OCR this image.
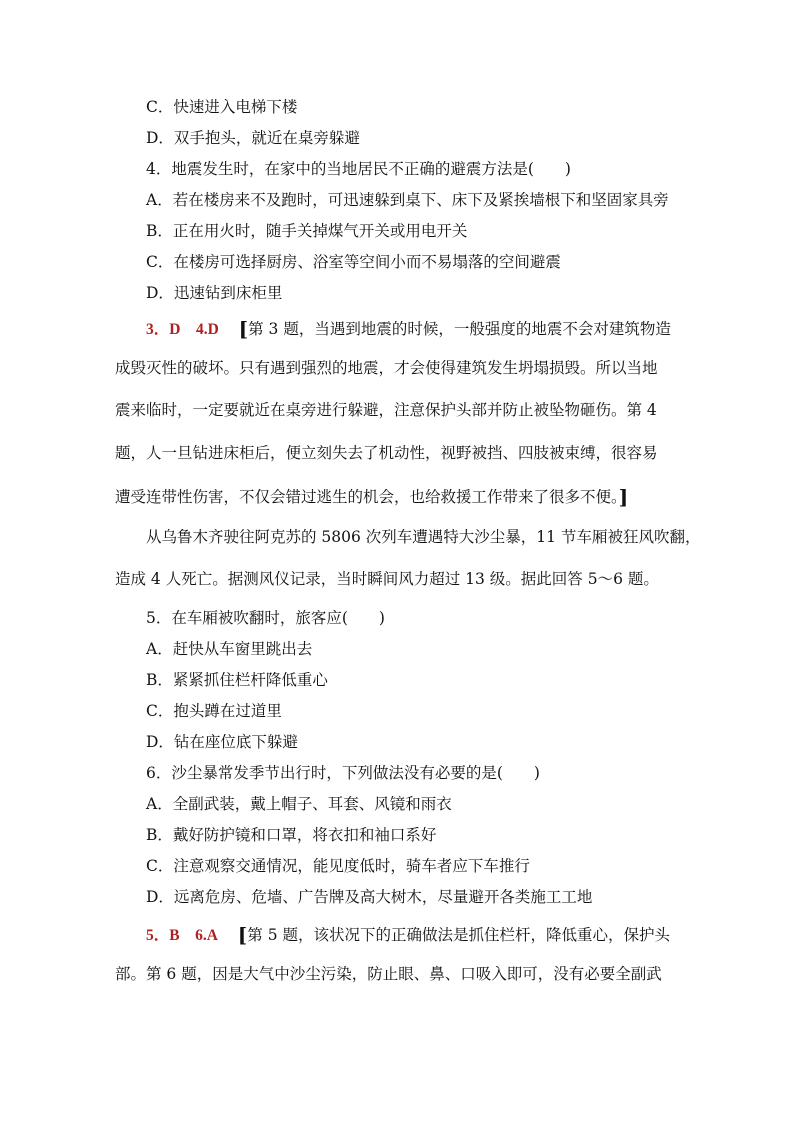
C．快速进入电梯下楼
D．双手抱头，就近在桌旁躲避
4．地震发生时，在家中的当地居民不正确的避震方法是(　　)
A．若在楼房来不及跑时，可迅速躲到桌下、床下及紧挨墙根下和坚固家具旁
B．正在用火时，随手关掉煤气开关或用电开关
C．在楼房可选择厨房、浴室等空间小而不易塌落的空间避震
D．迅速钻到床柜里
3．D　4.D [第 3 题，当遇到地震的时候，一般强度的地震不会对建筑物造
成毁灭性的破坏。只有遇到强烈的地震，才会使得建筑发生坍塌损毁。所以当地
震来临时，一定要就近在桌旁进行躲避，注意保护头部并防止被坠物砸伤。第 4
题，人一旦钻进床柜后，便立刻失去了机动性，视野被挡、四肢被束缚，很容易
遭受连带性伤害，不仅会错过逃生的机会，也给救援工作带来了很多不便。]
从乌鲁木齐驶往阿克苏的 5806 次列车遭遇特大沙尘暴，11 节车厢被狂风吹翻，
造成 4 人死亡。据测风仪记录，当时瞬间风力超过 13 级。据此回答 5～6 题。
5．在车厢被吹翻时，旅客应(　　)
A．赶快从车窗里跳出去
B．紧紧抓住栏杆降低重心
C．抱头蹲在过道里
D．钻在座位底下躲避
6．沙尘暴常发季节出行时，下列做法没有必要的是(　　)
A．全副武装，戴上帽子、耳套、风镜和雨衣
B．戴好防护镜和口罩，将衣扣和袖口系好
C．注意观察交通情况，能见度低时，骑车者应下车推行
D．远离危房、危墙、广告牌及高大树木，尽量避开各类施工工地
5．B　6.A [第 5 题，该状况下的正确做法是抓住栏杆，降低重心，保护头
部。第 6 题，因是大气中沙尘污染，防止眼、鼻、口吸入即可，没有必要全副武
